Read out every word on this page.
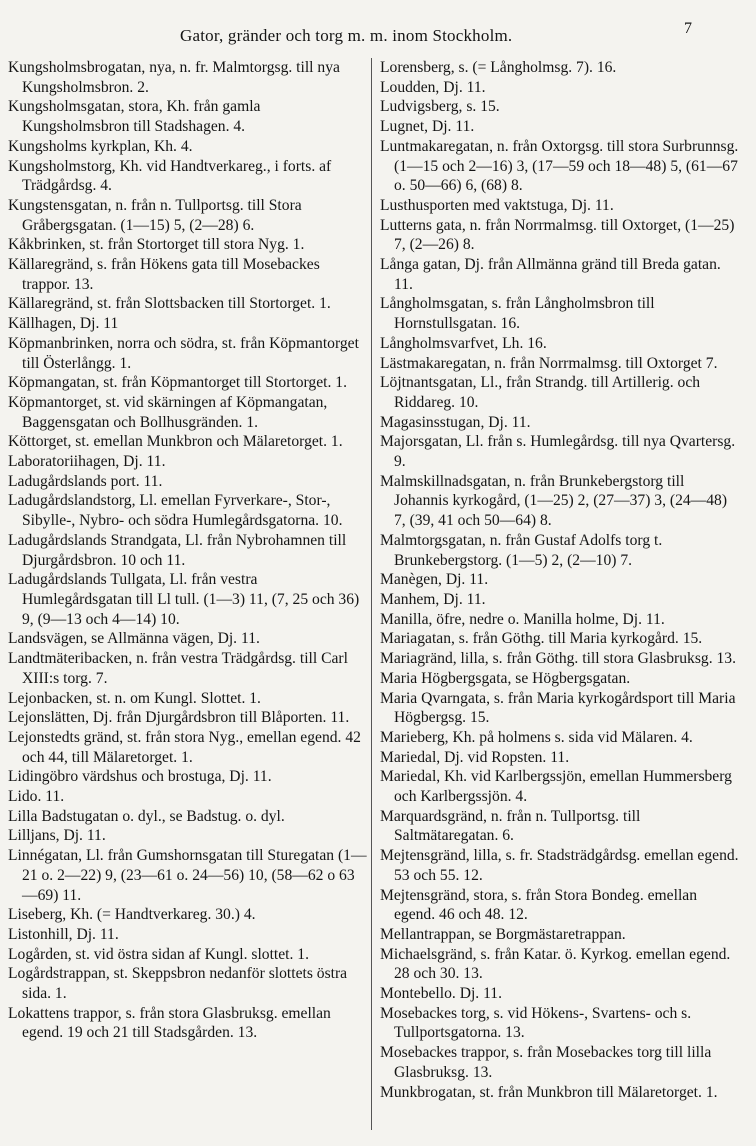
Gator, gränder och torg m. m. inom Stockholm.	7

Kungsholmsbrogatan, nya, n. fr. Malmtorgsg. till nya Kungsholmsbron. 2.

Kungsholmsgatan, stora, Kh. från gamla Kungsholmsbron till Stadshagen. 4.

Kungsholms kyrkplan, Kh. 4.

Kungsholmstorg, Kh. vid Handtverkareg., i forts. af Trädgårdsg. 4.

Kungstensgatan, n. från n. Tullportsg. till Stora Gråbergsgatan. (1—15) 5, (2—28) 6.

Kåkbrinken, st. från Stortorget till stora Nyg. 1.

Källaregränd, s. från Hökens gata till Mosebackes trappor. 13.

Källaregränd, st. från Slottsbacken till Stortorget. 1.

Källhagen, Dj. 11

Köpmanbrinken, norra och södra, st. från Köpmantorget till Österlångg. 1.

Köpmangatan, st. från Köpmantorget till Stortorget. 1.

Köpmantorget, st. vid skärningen af Köpmangatan, Baggensgatan och Bollhusgränden. 1.

Köttorget, st. emellan Munkbron och Mälaretorget. 1.

Laboratoriihagen, Dj. 11.

Ladugårdslands port. 11.

Ladugårdslandstorg, Ll. emellan Fyrverkare-, Stor-, Sibylle-, Nybro- och södra Humlegårdsgatorna. 10.

Ladugårdslands Strandgata, Ll. från Nybrohamnen till Djurgårdsbron. 10 och 11.

Ladugårdslands Tullgata, Ll. från vestra Humlegårdsgatan till Ll tull. (1—3) 11, (7, 25 och 36) 9, (9—13 och 4—14) 10.

Landsvägen, se Allmänna vägen, Dj. 11.

Landtmäteribacken, n. från vestra Trädgårdsg. till Carl XIII:s torg. 7.

Lejonbacken, st. n. om Kungl. Slottet. 1.

Lejonslätten, Dj. från Djurgårdsbron till Blåporten. 11.

Lejonstedts gränd, st. från stora Nyg., emellan egend. 42 och 44, till Mälaretorget. 1.

Lidingöbro värdshus och brostuga, Dj. 11.

Lido. 11.

Lilla Badstugatan o. dyl., se Badstug. o. dyl.

Lilljans, Dj. 11.

Linnégatan, Ll. från Gumshornsgatan till Sturegatan (1—21 o. 2—22) 9, (23—61 o. 24—56) 10, (58—62 o 63—69) 11.

Liseberg, Kh. (= Handtverkareg. 30.) 4.

Listonhill, Dj. 11.

Logården, st. vid östra sidan af Kungl. slottet. 1.

Logårdstrappan, st. Skeppsbron nedanför slottets östra sida. 1.

Lokattens trappor, s. från stora Glasbruksg. emellan egend. 19 och 21 till Stadsgården. 13.

Lorensberg, s. (= Långholmsg. 7). 16.

Loudden, Dj. 11.

Ludvigsberg, s. 15.

Lugnet, Dj. 11.

Luntmakaregatan, n. från Oxtorgsg. till stora Surbrunnsg. (1—15 och 2—16) 3, (17—59 och 18—48) 5, (61—67 o. 50—66) 6, (68) 8.

Lusthusporten med vaktstuga, Dj. 11.

Lutterns gata, n. från Norrmalmsg. till Oxtorget, (1—25) 7, (2—26) 8.

Långa gatan, Dj. från Allmänna gränd till Breda gatan. 11.

Långholmsgatan, s. från Långholmsbron till Hornstullsgatan. 16.

Långholmsvarfvet, Lh. 16.

Lästmakaregatan, n. från Norrmalmsg. till Oxtorget 7.

Löjtnantsgatan, Ll., från Strandg. till Artillerig. och Riddareg. 10.

Magasinsstugan, Dj. 11.

Majorsgatan, Ll. från s. Humlegårdsg. till nya Qvartersg. 9.

Malmskillnadsgatan, n. från Brunkebergstorg till Johannis kyrkogård, (1—25) 2, (27—37) 3, (24—48) 7, (39, 41 och 50—64) 8.

Malmtorgsgatan, n. från Gustaf Adolfs torg t. Brunkebergstorg. (1—5) 2, (2—10) 7.

Manègen, Dj. 11.

Manhem, Dj. 11.

Manilla, öfre, nedre o. Manilla holme, Dj. 11.

Mariagatan, s. från Göthg. till Maria kyrkogård. 15.

Mariagränd, lilla, s. från Göthg. till stora Glasbruksg. 13.

Maria Högbergsgata, se Högbergsgatan.

Maria Qvarngata, s. från Maria kyrkogårdsport till Maria Högbergsg. 15.

Marieberg, Kh. på holmens s. sida vid Mälaren. 4.

Mariedal, Dj. vid Ropsten. 11.

Mariedal, Kh. vid Karlbergssjön, emellan Hummersberg och Karlbergssjön. 4.

Marquardsgränd, n. från n. Tullportsg. till Saltmätaregatan. 6.

Mejtensgränd, lilla, s. fr. Stadsträdgårdsg. emellan egend. 53 och 55. 12.

Mejtensgränd, stora, s. från Stora Bondeg. emellan egend. 46 och 48. 12.

Mellantrappan, se Borgmästaretrappan.

Michaelsgränd, s. från Katar. ö. Kyrkog. emellan egend. 28 och 30. 13.

Montebello. Dj. 11.

Mosebackes torg, s. vid Hökens-, Svartens- och s. Tullportsgatorna. 13.

Mosebackes trappor, s. från Mosebackes torg till lilla Glasbruksg. 13.

Munkbrogatan, st. från Munkbron till Mälaretorget. 1.
